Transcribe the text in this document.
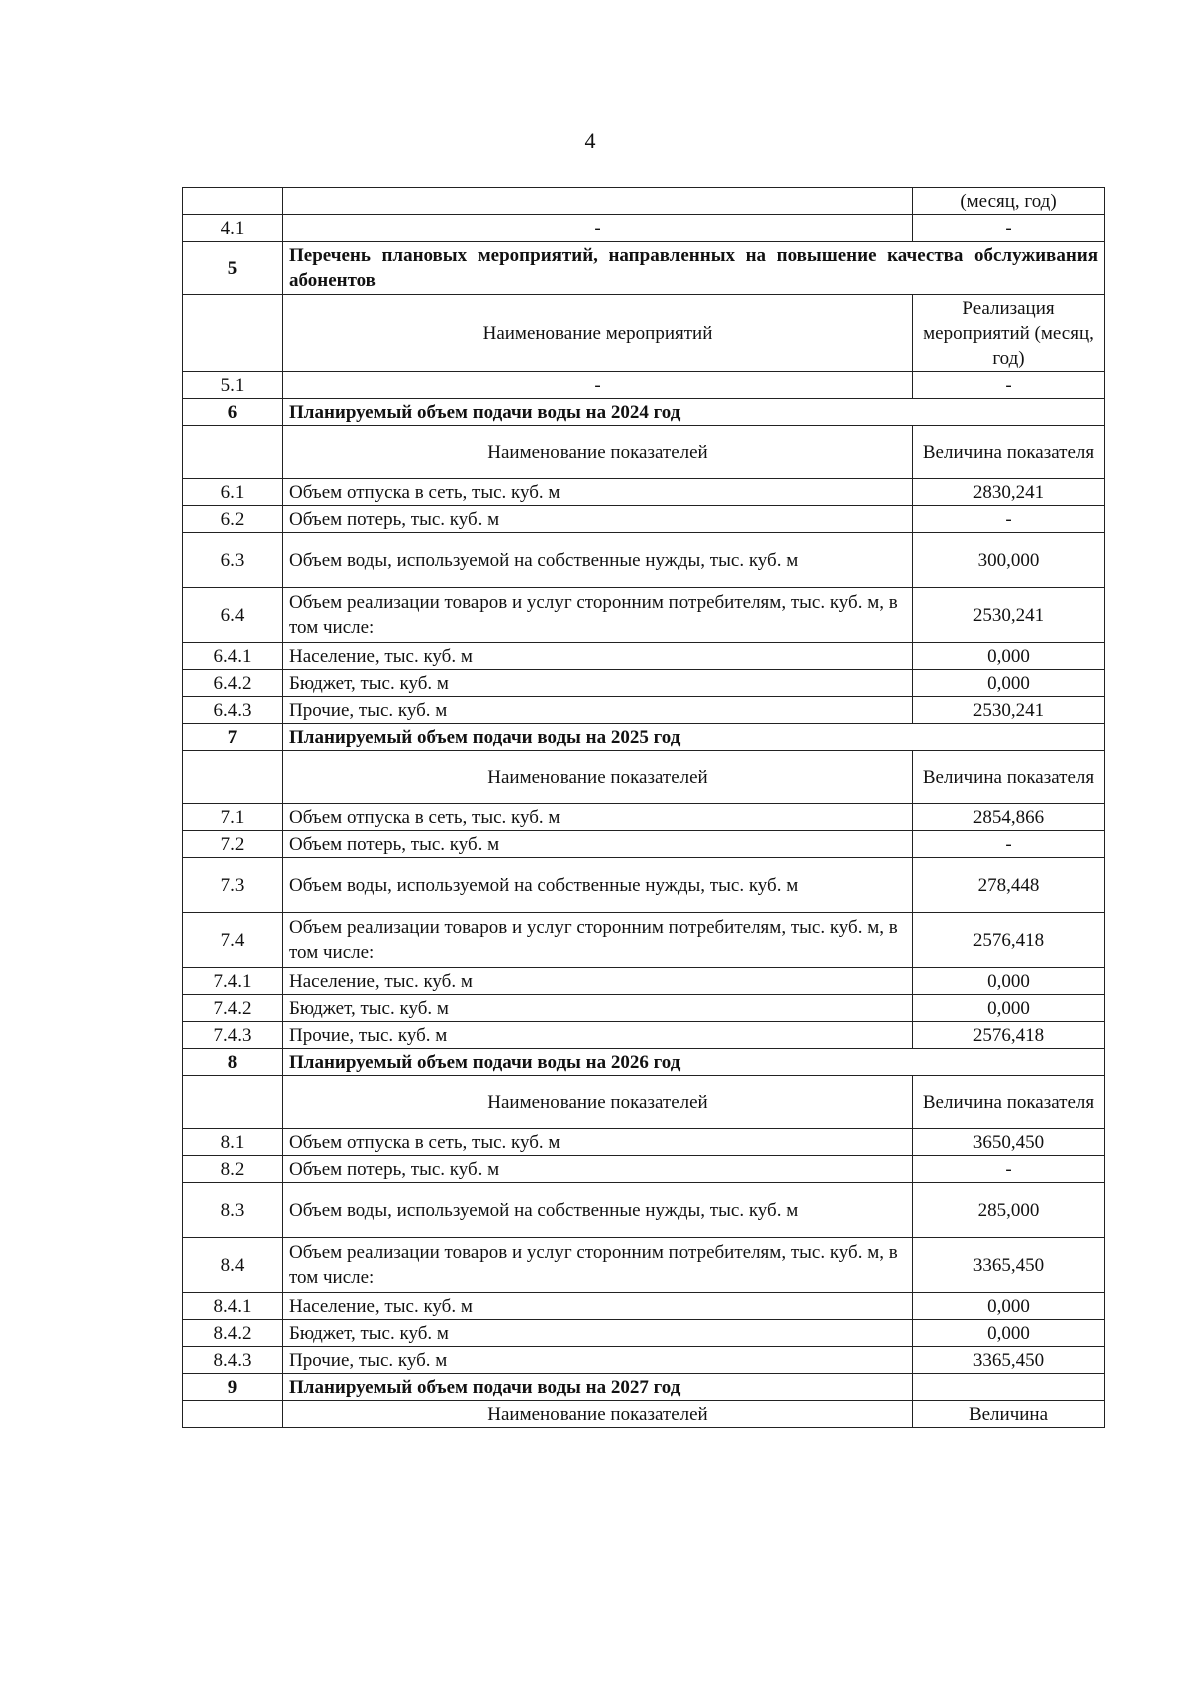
4
		(месяц, год)
4.1	-	-
5	Перечень плановых мероприятий, направленных на повышение качества обслуживания абонентов	
	Наименование мероприятий	Реализация мероприятий (месяц, год)
5.1	-	-
6	Планируемый объем подачи воды на 2024 год	
	Наименование показателей	Величина показателя
6.1	Объем отпуска в сеть, тыс. куб. м	2830,241
6.2	Объем потерь, тыс. куб. м	-
6.3	Объем воды, используемой на собственные нужды, тыс. куб. м	300,000
6.4	Объем реализации товаров и услуг сторонним потребителям, тыс. куб. м, в том числе:	2530,241
6.4.1	Население, тыс. куб. м	0,000
6.4.2	Бюджет, тыс. куб. м	0,000
6.4.3	Прочие, тыс. куб. м	2530,241
7	Планируемый объем подачи воды на 2025 год	
	Наименование показателей	Величина показателя
7.1	Объем отпуска в сеть, тыс. куб. м	2854,866
7.2	Объем потерь, тыс. куб. м	-
7.3	Объем воды, используемой на собственные нужды, тыс. куб. м	278,448
7.4	Объем реализации товаров и услуг сторонним потребителям, тыс. куб. м, в том числе:	2576,418
7.4.1	Население, тыс. куб. м	0,000
7.4.2	Бюджет, тыс. куб. м	0,000
7.4.3	Прочие, тыс. куб. м	2576,418
8	Планируемый объем подачи воды на 2026 год	
	Наименование показателей	Величина показателя
8.1	Объем отпуска в сеть, тыс. куб. м	3650,450
8.2	Объем потерь, тыс. куб. м	-
8.3	Объем воды, используемой на собственные нужды, тыс. куб. м	285,000
8.4	Объем реализации товаров и услуг сторонним потребителям, тыс. куб. м, в том числе:	3365,450
8.4.1	Население, тыс. куб. м	0,000
8.4.2	Бюджет, тыс. куб. м	0,000
8.4.3	Прочие, тыс. куб. м	3365,450
9	Планируемый объем подачи воды на 2027 год	
	Наименование показателей	Величина
